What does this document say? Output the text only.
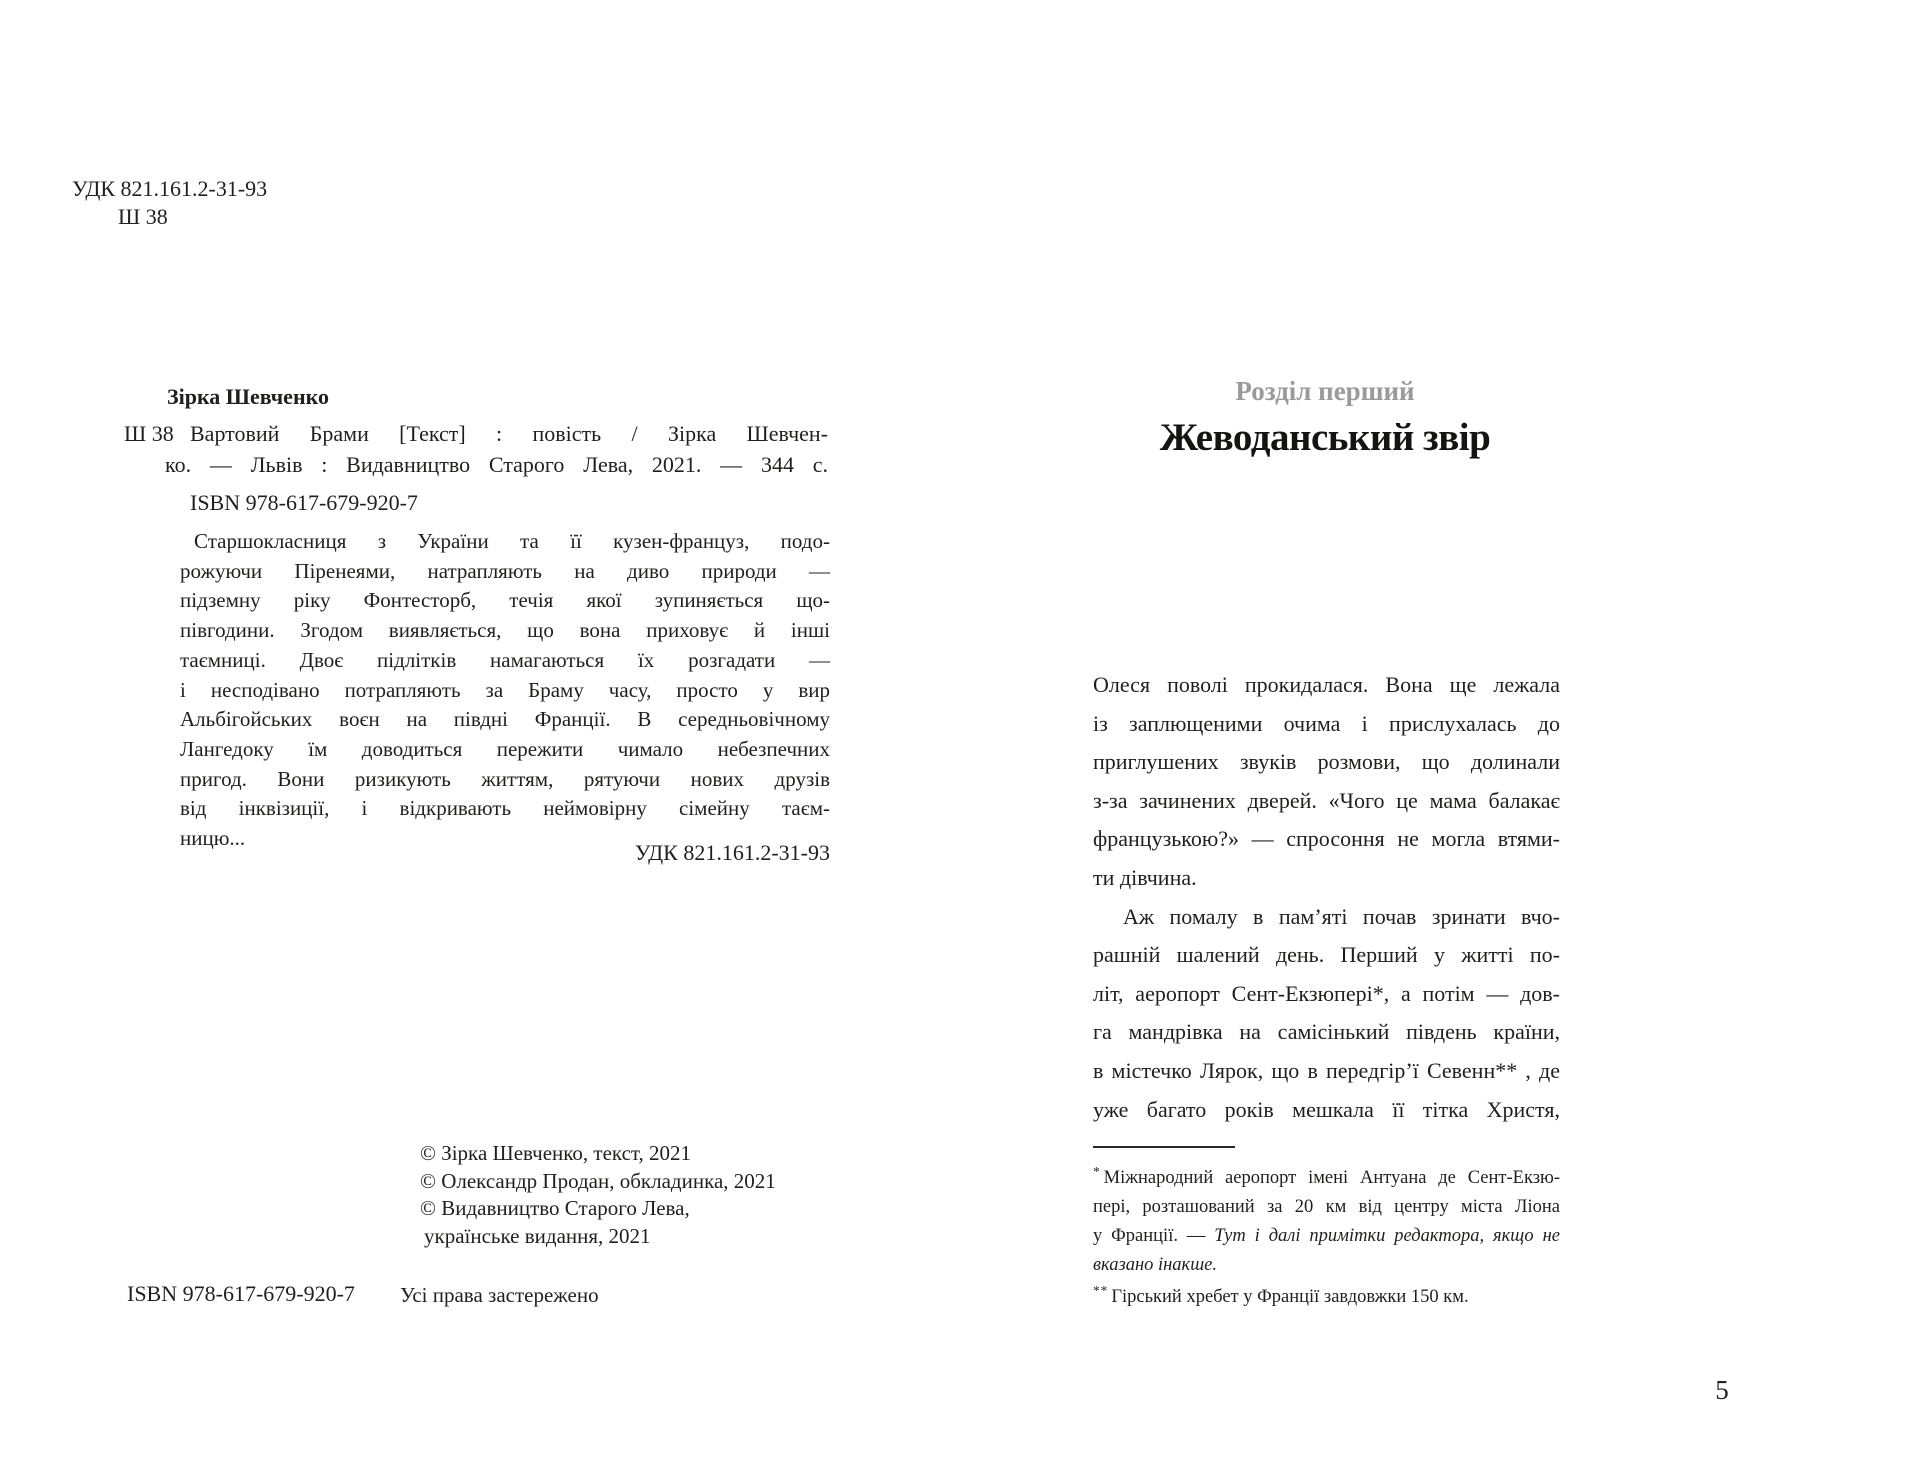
УДК 821.161.2-31-93
Ш 38
Зірка Шевченко
Ш 38 Вартовий Брами [Текст] : повість / Зірка Шевчен-
ко. — Львів : Видавництво Старого Лева, 2021. — 344 с.
ISBN 978-617-679-920-7
Старшокласниця з України та її кузен-француз, подо-
рожуючи Піренеями, натрапляють на диво природи —
підземну ріку Фонтесторб, течія якої зупиняється що-
півгодини. Згодом виявляється, що вона приховує й інші
таємниці. Двоє підлітків намагаються їх розгадати —
і несподівано потрапляють за Браму часу, просто у вир
Альбігойських воєн на півдні Франції. В середньовічному
Лангедоку їм доводиться пережити чимало небезпечних
пригод. Вони ризикують життям, рятуючи нових друзів
від інквізиції, і відкривають неймовірну сімейну таєм-
ницю...
УДК 821.161.2-31-93
© Зірка Шевченко, текст, 2021
© Олександр Продан, обкладинка, 2021
© Видавництво Старого Лева,
українське видання, 2021
ISBN 978-617-679-920-7 Усі права застережено
Розділ перший
Жеводанський звір
Олеся поволі прокидалася. Вона ще лежала
із заплющеними очима і прислухалась до
приглушених звуків розмови, що долинали
з-за зачинених дверей. «Чого це мама балакає
французькою?» — спросоння не могла втями-
ти дівчина.
Аж помалу в пам’яті почав зринати вчо-
рашній шалений день. Перший у житті по-
літ, аеропорт Сент-Екзюпері*, а потім — дов-
га мандрівка на самісінький південь країни,
в містечко Лярок, що в передгір’ї Севенн** , де
уже багато років мешкала її тітка Христя,
* Міжнародний аеропорт імені Антуана де Сент-Екзю-
пері, розташований за 20 км від центру міста Ліона
у Франції. — Тут і далі примітки редактора, якщо не
вказано інакше.
** Гірський хребет у Франції завдовжки 150 км.
5
